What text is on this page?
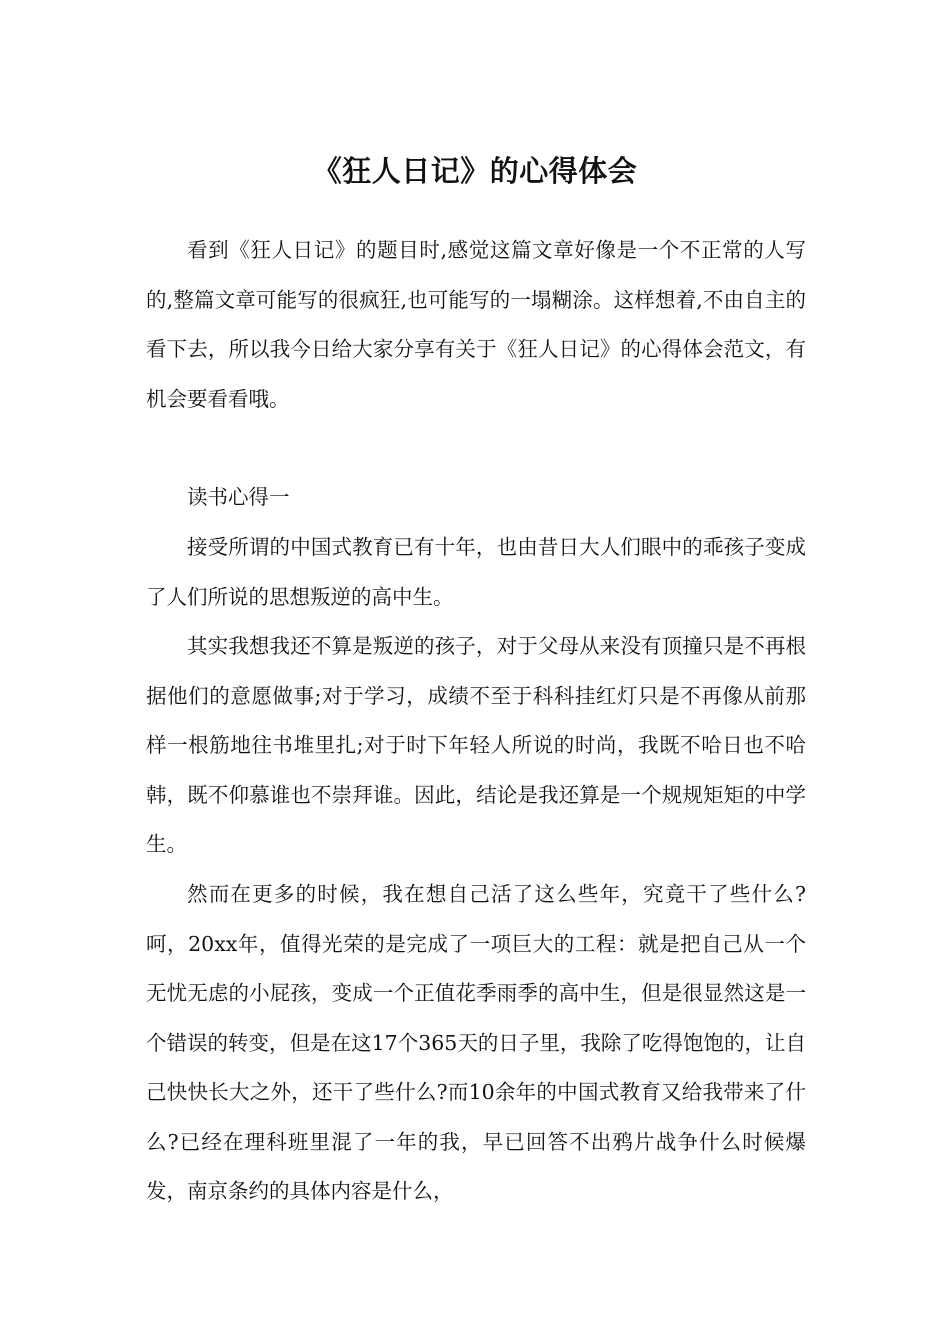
《狂人日记》的心得体会

看到《狂人日记》的题目时,感觉这篇文章好像是一个不正常的人写的,整篇文章可能写的很疯狂,也可能写的一塌糊涂。这样想着,不由自主的看下去，所以我今日给大家分享有关于《狂人日记》的心得体会范文，有机会要看看哦。

读书心得一

接受所谓的中国式教育已有十年，也由昔日大人们眼中的乖孩子变成了人们所说的思想叛逆的高中生。

其实我想我还不算是叛逆的孩子，对于父母从来没有顶撞只是不再根据他们的意愿做事;对于学习，成绩不至于科科挂红灯只是不再像从前那样一根筋地往书堆里扎;对于时下年轻人所说的时尚，我既不哈日也不哈韩，既不仰慕谁也不崇拜谁。因此，结论是我还算是一个规规矩矩的中学生。

然而在更多的时候，我在想自己活了这么些年，究竟干了些什么?呵，20xx年，值得光荣的是完成了一项巨大的工程：就是把自己从一个无忧无虑的小屁孩，变成一个正值花季雨季的高中生，但是很显然这是一个错误的转变，但是在这17个365天的日子里，我除了吃得饱饱的，让自己快快长大之外，还干了些什么?而10余年的中国式教育又给我带来了什么?已经在理科班里混了一年的我，早已回答不出鸦片战争什么时候爆发，南京条约的具体内容是什么，
